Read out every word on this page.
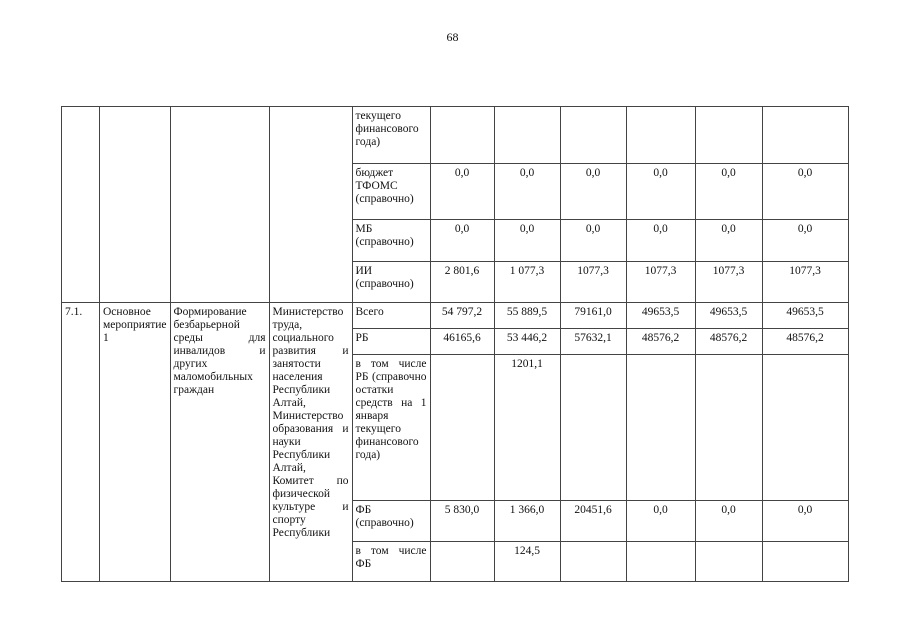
68
				текущего финансового года)						
				бюджет ТФОМС (справочно)	0,0	0,0	0,0	0,0	0,0	0,0
				МБ (справочно)	0,0	0,0	0,0	0,0	0,0	0,0
				ИИ (справочно)	2 801,6	1 077,3	1077,3	1077,3	1077,3	1077,3
7.1.	Основное мероприятие 1	Формирование безбарьерной среды для инвалидов и других маломобильных граждан	Министерство труда, социального развития и занятости населения Республики Алтай, Министерство образования и науки Республики Алтай, Комитет по физической культуре и спорту Республики	Всего	54 797,2	55 889,5	79161,0	49653,5	49653,5	49653,5
				РБ	46165,6	53 446,2	57632,1	48576,2	48576,2	48576,2
				в том числе РБ (справочно остатки средств на 1 января текущего финансового года)		1201,1				
				ФБ (справочно)	5 830,0	1 366,0	20451,6	0,0	0,0	0,0
				в том числе ФБ		124,5				
